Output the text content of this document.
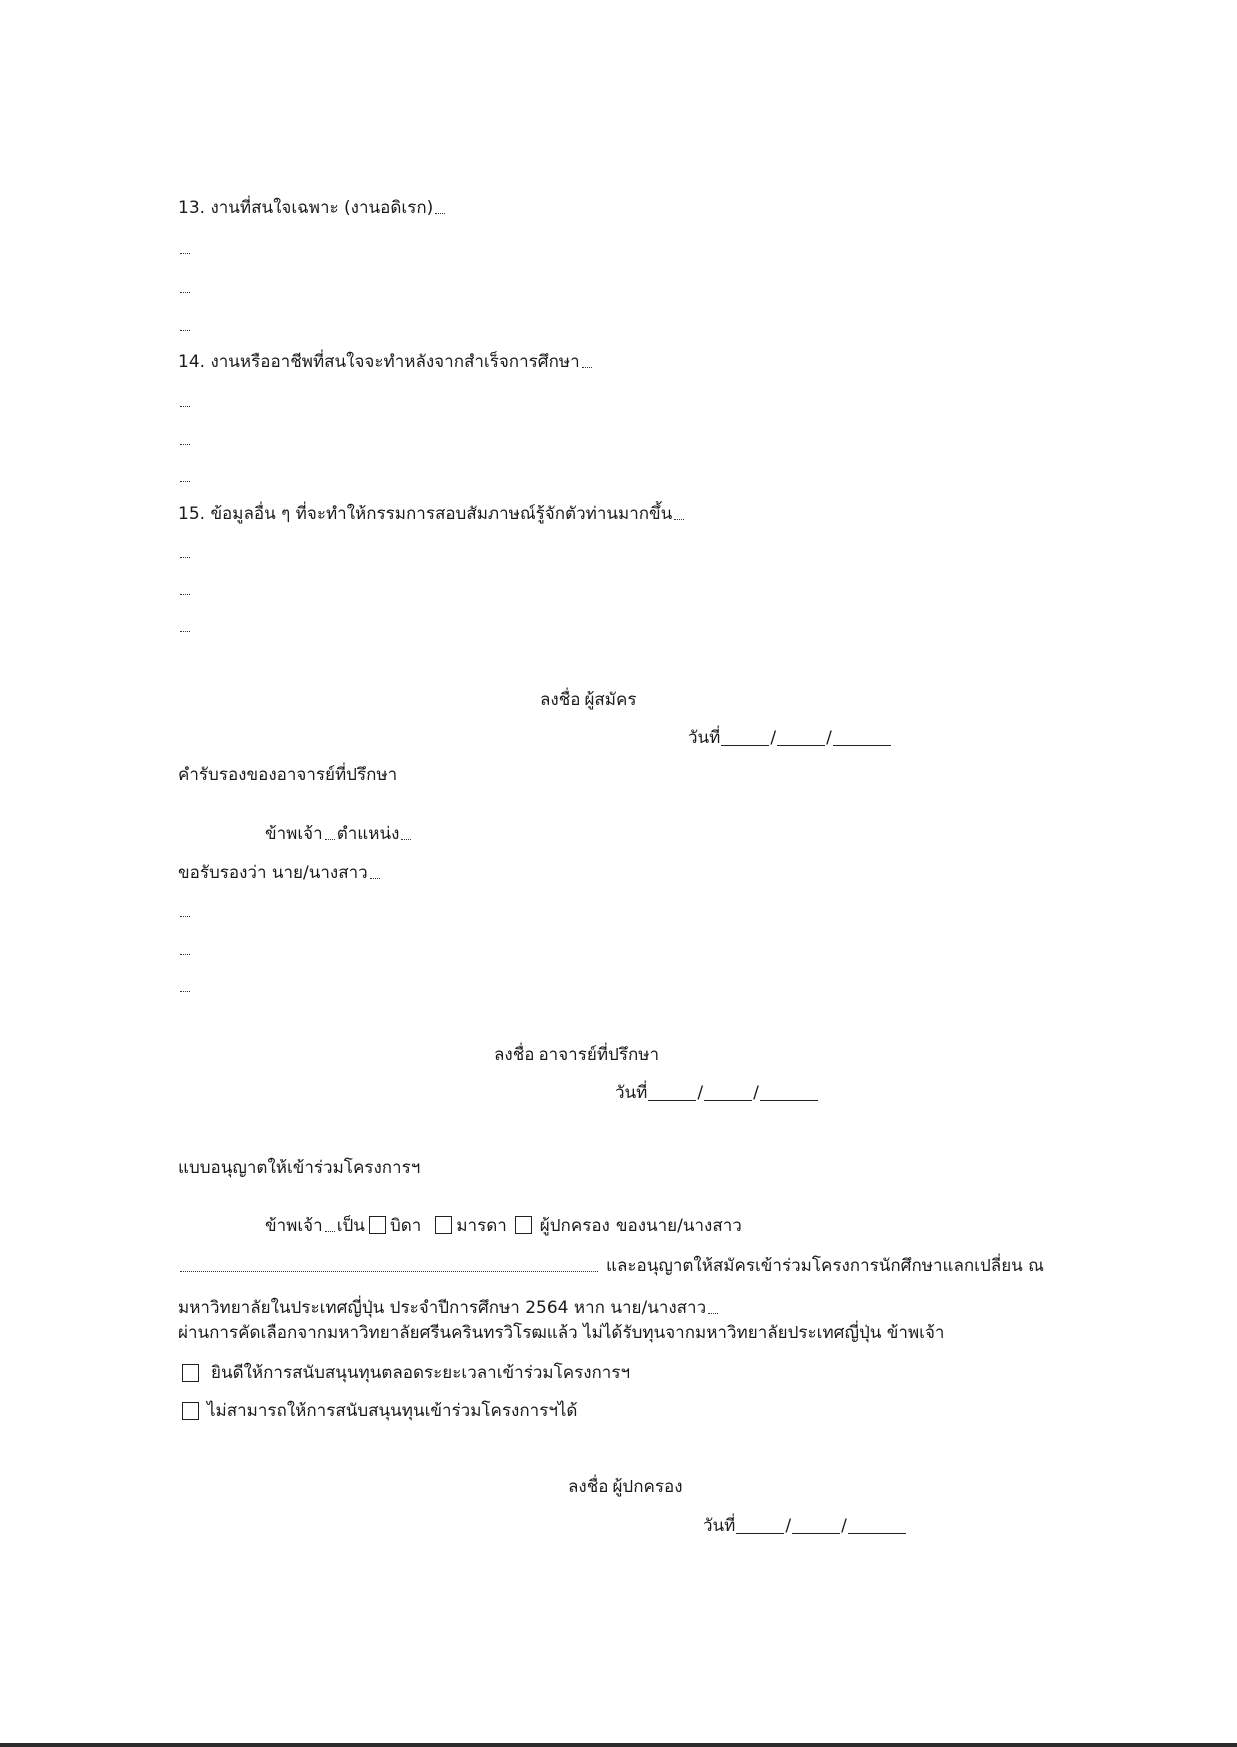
13. งานที่สนใจเฉพาะ (งานอดิเรก)
14. งานหรืออาชีพที่สนใจจะทำหลังจากสำเร็จการศึกษา
15. ข้อมูลอื่น ๆ ที่จะทำให้กรรมการสอบสัมภาษณ์รู้จักตัวท่านมากขึ้น
ลงชื่อ ผู้สมัคร
วันที่	/	/
คำรับรองของอาจารย์ที่ปรึกษา
ข้าพเจ้า ตำแหน่ง
ขอรับรองว่า นาย/นางสาว
ลงชื่อ อาจารย์ที่ปรึกษา
วันที่	/	/
แบบอนุญาตให้เข้าร่วมโครงการฯ
ข้าพเจ้า เป็น บิดา มารดา ผู้ปกครอง ของนาย/นางสาว
และอนุญาตให้สมัครเข้าร่วมโครงการนักศึกษาแลกเปลี่ยน ณ
มหาวิทยาลัยในประเทศญี่ปุ่น ประจำปีการศึกษา 2564 หาก นาย/นางสาว
ผ่านการคัดเลือกจากมหาวิทยาลัยศรีนครินทรวิโรฒแล้ว ไม่ได้รับทุนจากมหาวิทยาลัยประเทศญี่ปุ่น ข้าพเจ้า
ยินดีให้การสนับสนุนทุนตลอดระยะเวลาเข้าร่วมโครงการฯ
ไม่สามารถให้การสนับสนุนทุนเข้าร่วมโครงการฯได้
ลงชื่อ ผู้ปกครอง
วันที่	/	/
